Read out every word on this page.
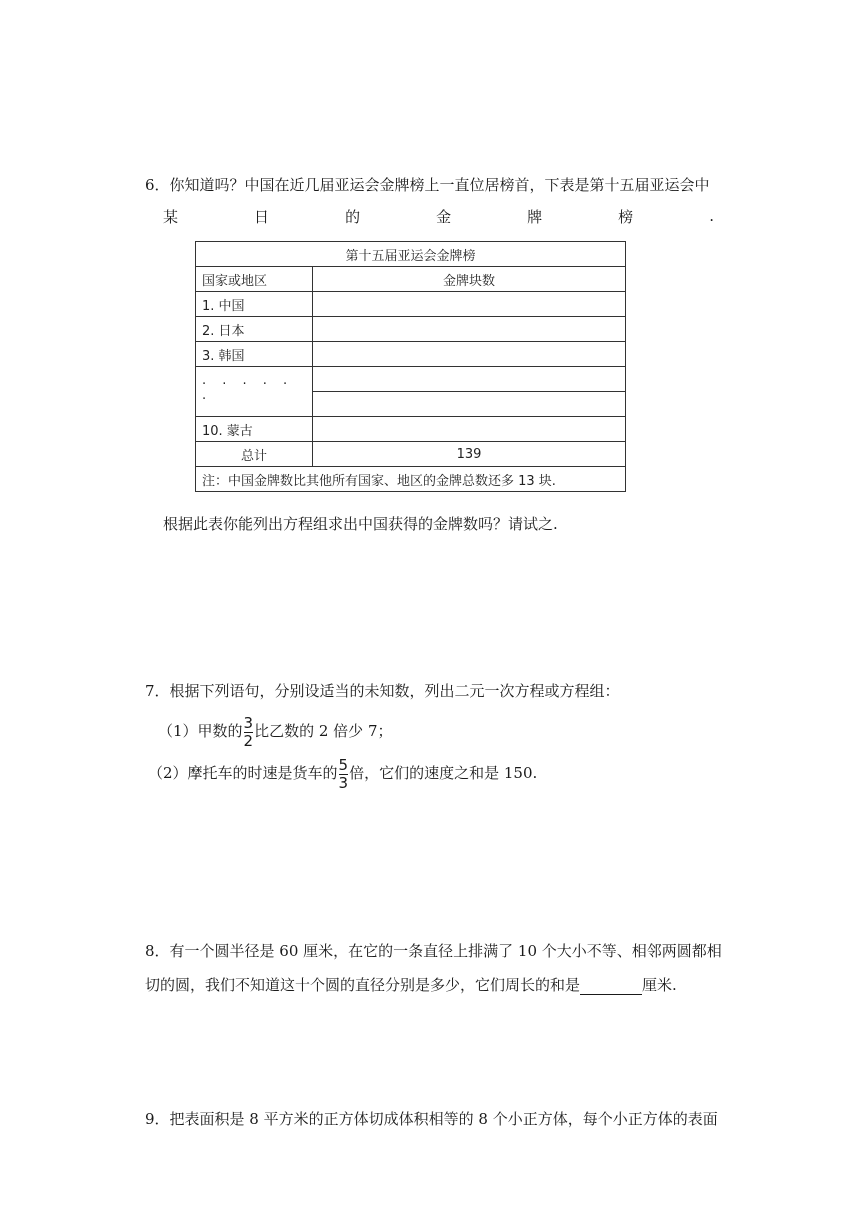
6．你知道吗？中国在近几届亚运会金牌榜上一直位居榜首，下表是第十五届亚运会中
某	日	的	金	牌	榜	.
第十五届亚运会金牌榜	
国家或地区	金牌块数
1. 中国	
2. 日本	
3. 韩国	
· · · · · ·	

10. 蒙古	
总计	139
注：中国金牌数比其他所有国家、地区的金牌总数还多 13 块.	
根据此表你能列出方程组求出中国获得的金牌数吗？请试之.
7．根据下列语句，分别设适当的未知数，列出二元一次方程或方程组：
（1）甲数的 $\frac{3}{2}$ 比乙数的 2 倍少 7；
（2）摩托车的时速是货车的 $\frac{5}{3}$ 倍，它们的速度之和是 150.
8．有一个圆半径是 60 厘米，在它的一条直径上排满了 10 个大小不等、相邻两圆都相
切的圆，我们不知道这十个圆的直径分别是多少，它们周长的和是	厘米.
9．把表面积是 8 平方米的正方体切成体积相等的 8 个小正方体，每个小正方体的表面
